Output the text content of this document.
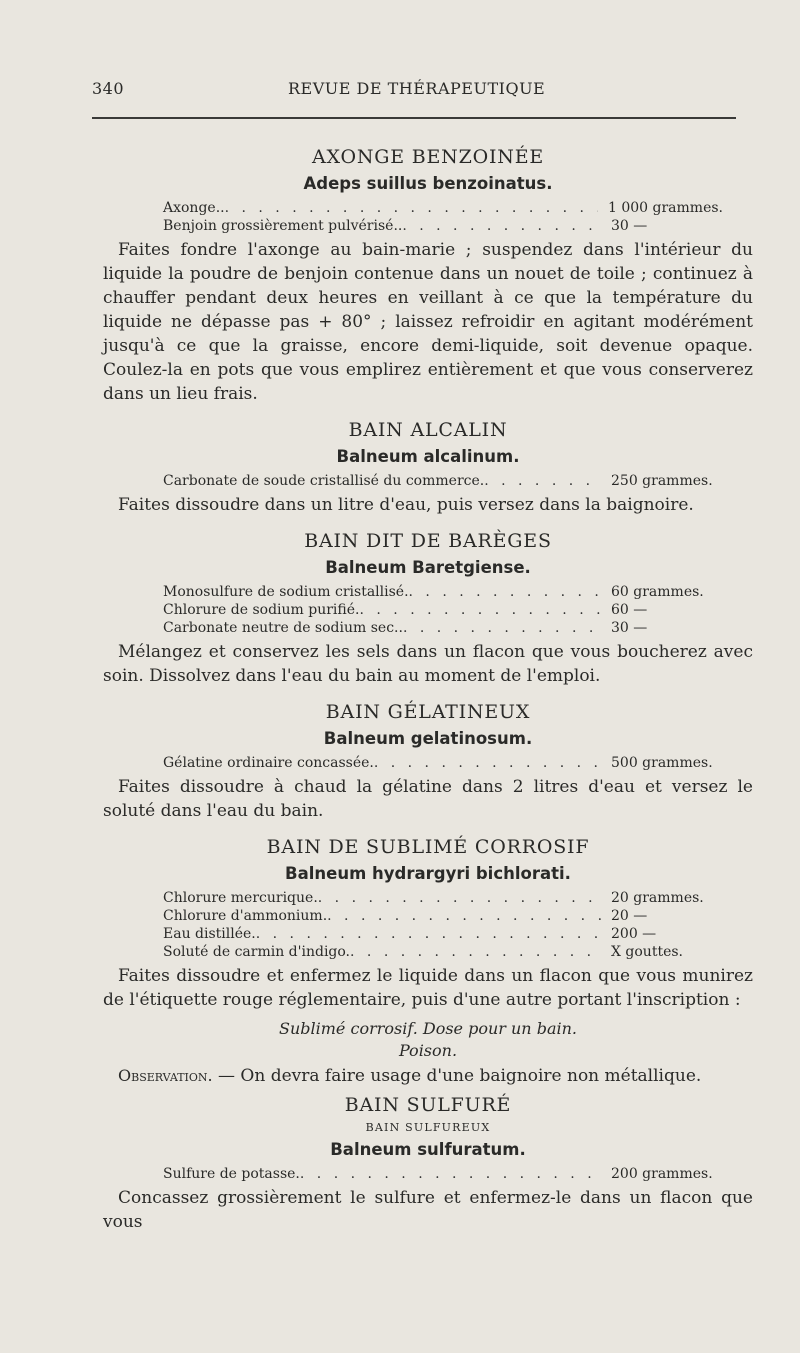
340	REVUE DE THÉRAPEUTIQUE

AXONGE BENZOINÉE

Adeps suillus benzoinatus.

Axonge.. . . .	1 000 grammes.
Benjoin grossièrement pulvérisé.. . . .	30 —

Faites fondre l'axonge au bain-marie ; suspendez dans l'intérieur du liquide la poudre de benjoin contenue dans un nouet de toile ; continuez à chauffer pendant deux heures en veillant à ce que la température du liquide ne dépasse pas + 80° ; laissez refroidir en agitant modérément jusqu'à ce que la graisse, encore demi-liquide, soit devenue opaque. Coulez-la en pots que vous emplirez entièrement et que vous conserverez dans un lieu frais.

BAIN ALCALIN

Balneum alcalinum.

Carbonate de soude cristallisé du commerce. . . .	250 grammes.

Faites dissoudre dans un litre d'eau, puis versez dans la baignoire.

BAIN DIT DE BARÈGES

Balneum Baretgiense.

Monosulfure de sodium cristallisé. . . .	60 grammes.
Chlorure de sodium purifié. . . .	60 —
Carbonate neutre de sodium sec.. . . .	30 —

Mélangez et conservez les sels dans un flacon que vous boucherez avec soin. Dissolvez dans l'eau du bain au moment de l'emploi.

BAIN GÉLATINEUX

Balneum gelatinosum.

Gélatine ordinaire concassée. . . .	500 grammes.

Faites dissoudre à chaud la gélatine dans 2 litres d'eau et versez le soluté dans l'eau du bain.

BAIN DE SUBLIMÉ CORROSIF

Balneum hydrargyri bichlorati.

Chlorure mercurique. . . .	20 grammes.
Chlorure d'ammonium. . . .	20 —
Eau distillée. . . .	200 —
Soluté de carmin d'indigo. . . .	X gouttes.

Faites dissoudre et enfermez le liquide dans un flacon que vous munirez de l'étiquette rouge réglementaire, puis d'une autre portant l'inscription :

Sublimé corrosif. Dose pour un bain.

Poison.

Observation. — On devra faire usage d'une baignoire non métallique.

BAIN SULFURÉ

BAIN SULFUREUX

Balneum sulfuratum.

Sulfure de potasse. . . .	200 grammes.

Concassez grossièrement le sulfure et enfermez-le dans un flacon que vous
